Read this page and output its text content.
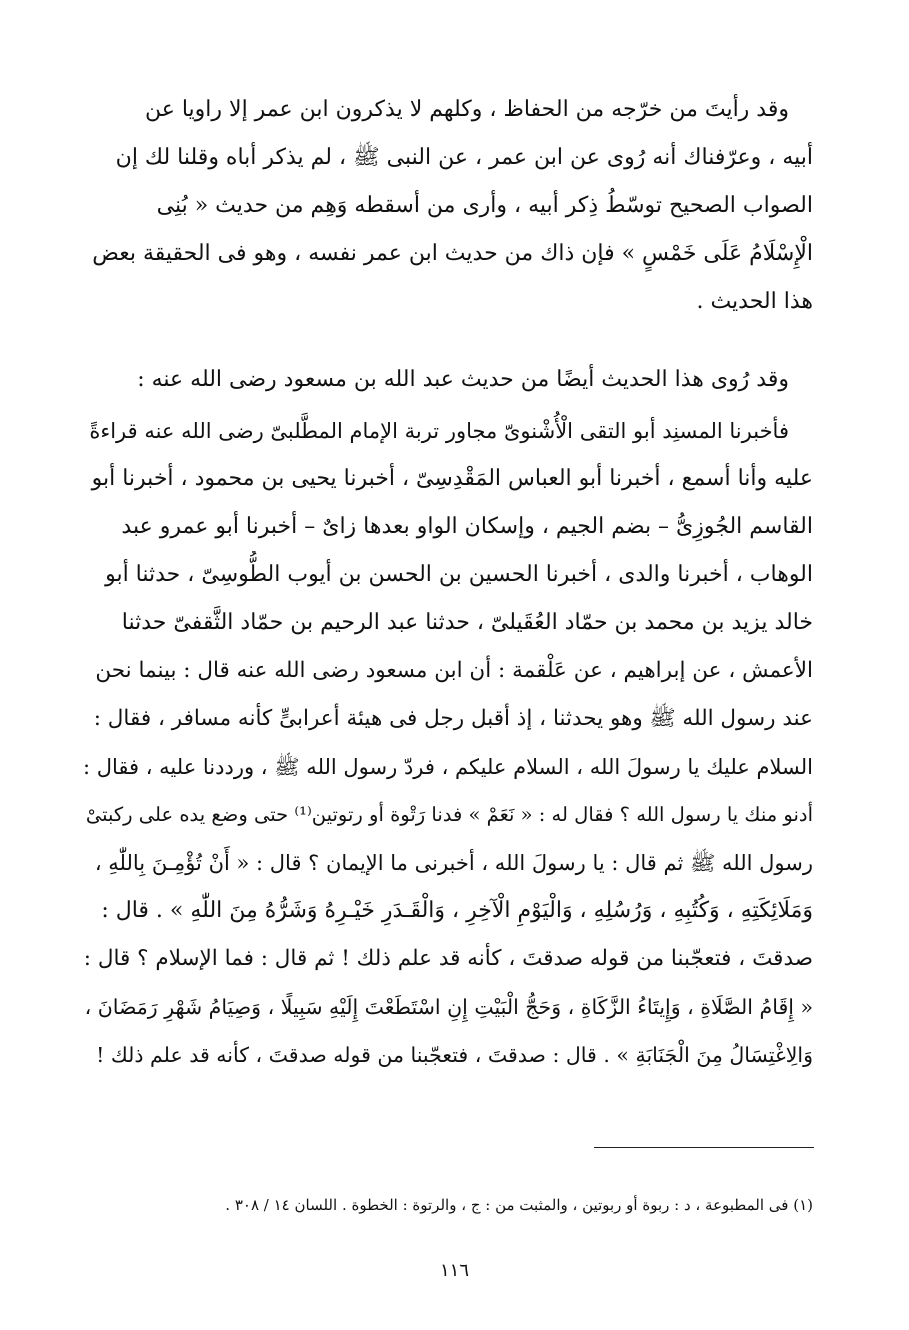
وقد رأيتَ من خرّجه من الحفاظ ، وكلهم لا يذكرون ابن عمر إلا راويا عن
أبيه ، وعرّفناك أنه رُوى عن ابن عمر ، عن النبى ﷺ ، لم يذكر أباه وقلنا لك إن
الصواب الصحيح توسّطُ ذِكر أبيه ، وأرى من أسقطه وَهِم من حديث « بُنِى
الْإِسْلَامُ عَلَى خَمْسٍ » فإن ذاك من حديث ابن عمر نفسه ، وهو فى الحقيقة بعض
هذا الحديث .
وقد رُوى هذا الحديث أيضًا من حديث عبد الله بن مسعود رضى الله عنه :
فأخبرنا المسنِد أبو التقى الْأُشْنوىّ مجاور تربة الإمام المطَّلبىّ رضى الله عنه قراءةً
عليه وأنا أسمع ، أخبرنا أبو العباس المَقْدِسِىّ ، أخبرنا يحيى بن محمود ، أخبرنا أبو
القاسم الجُوزِىُّ – بضم الجيم ، وإسكان الواو بعدها زاىٌ – أخبرنا أبو عمرو عبد
الوهاب ، أخبرنا والدى ، أخبرنا الحسين بن الحسن بن أيوب الطُّوسِىّ ، حدثنا أبو
خالد يزيد بن محمد بن حمّاد العُقَيلىّ ، حدثنا عبد الرحيم بن حمّاد الثَّقفىّ حدثنا
الأعمش ، عن إبراهيم ، عن عَلْقمة : أن ابن مسعود رضى الله عنه قال : بينما نحن
عند رسول الله ﷺ وهو يحدثنا ، إذ أقبل رجل فى هيئة أعرابىٍّ كأنه مسافر ، فقال :
السلام عليك يا رسولَ الله ، السلام عليكم ، فردّ رسول الله ﷺ ، ورددنا عليه ، فقال :
أدنو منك يا رسول الله ؟ فقال له : « نَعَمْ » فدنا رَتْوة أو رتوتين⁽¹⁾ حتى وضع يده على ركبتىْ
رسول الله ﷺ ثم قال : يا رسولَ الله ، أخبرنى ما الإيمان ؟ قال : « أَنْ تُؤْمِـنَ بِاللّٰهِ ،
وَمَلَائِكَتِهِ ، وَكُتُبِهِ ، وَرُسُلِهِ ، وَالْيَوْمِ الْآخِرِ ، وَالْقَـدَرِ خَيْـرِهُ وَشَرُّهُ مِنَ اللّٰهِ » . قال :
صدقتَ ، فتعجّبنا من قوله صدقتَ ، كأنه قد علم ذلك ! ثم قال : فما الإسلام ؟ قال :
« إِقَامُ الصَّلَاةِ ، وَإِيتَاءُ الزَّكَاةِ ، وَحَجُّ الْبَيْتِ إِنِ اسْتَطَعْتَ إِلَيْهِ سَبِيلًا ، وَصِيَامُ شَهْرِ رَمَضَانَ ،
وَالِاغْتِسَالُ مِنَ الْجَنَابَةِ » . قال : صدقتَ ، فتعجّبنا من قوله صدقتَ ، كأنه قد علم ذلك !
(١) فى المطبوعة ، د : ربوة أو ربوتين ، والمثبت من : ج ، والرتوة : الخطوة . اللسان ١٤ / ٣٠٨ .
١١٦
